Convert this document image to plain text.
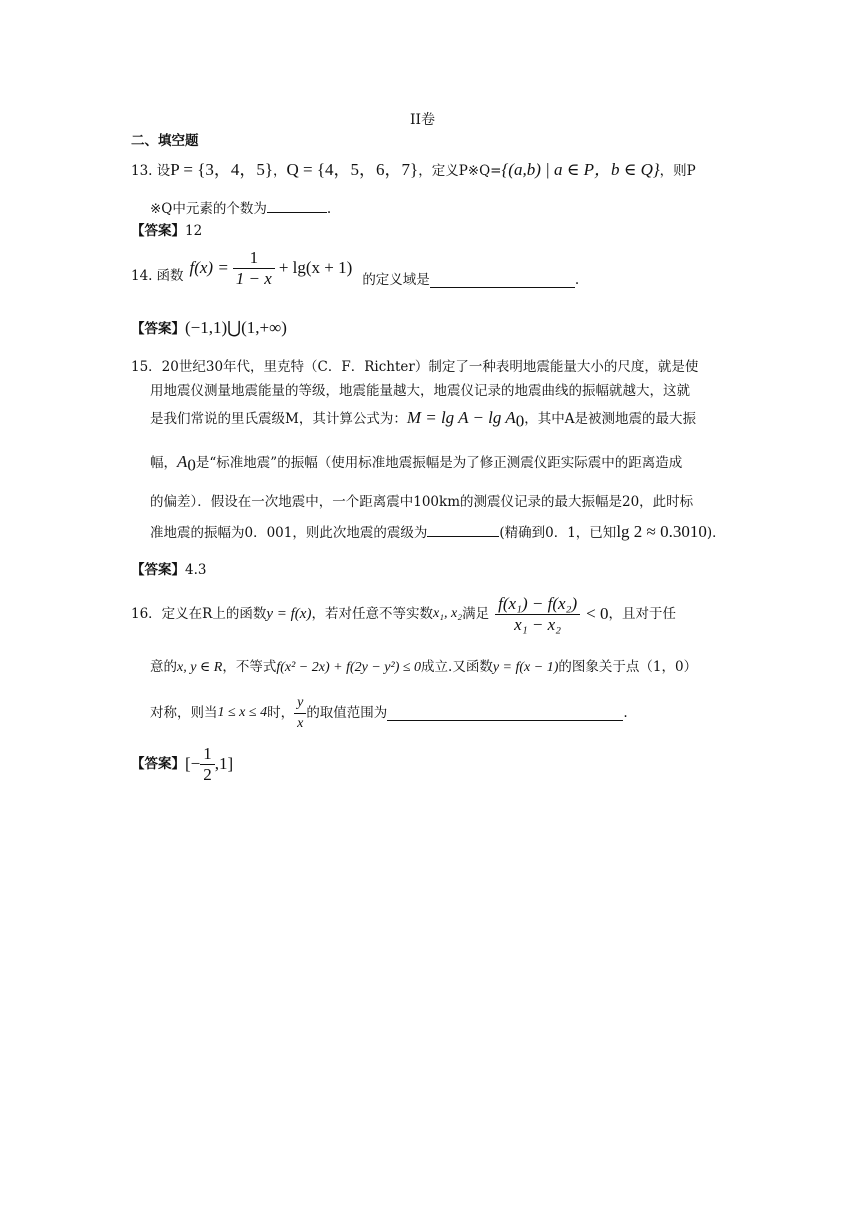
II卷
二、填空题
13. 设P = {3，4，5}，Q = {4，5，6，7}，定义P※Q={(a,b) | a ∈ P，b ∈ Q}，则P
※Q中元素的个数为	.
【答案】12
14. 函数 $f(x) = \frac{1}{1 - x} + \lg(x + 1)$
的定义域是	.
【答案】(−1,1)⋃(1,+∞)
15．20世纪30年代，里克特（C．F．Richter）制定了一种表明地震能量大小的尺度，就是使
用地震仪测量地震能量的等级，地震能量越大，地震仪记录的地震曲线的振幅就越大，这就
是我们常说的里氏震级M，其计算公式为：$M = \lg A - \lg A_0$，其中A是被测地震的最大振
幅，$A_0$是“标准地震”的振幅（使用标准地震振幅是为了修正测震仪距实际震中的距离造成
的偏差）．假设在一次地震中，一个距离震中100km的测震仪记录的最大振幅是20，此时标
准地震的振幅为0．001，则此次地震的震级为	(精确到0．1，已知lg 2 ≈ 0.3010)．
【答案】4.3
16．定义在R上的函数 y = f(x) ，若对任意不等实数 x₁, x₂ 满足 $\frac{\text{f(x₁) − f(x₂)}}{\text{x₁ − x₂}} < 0$ ，且对于任
意的x, y ∈ R，不等式f(x² − 2x) + f(2y − y²) ≤ 0成立.又函数y = f(x − 1)的图象关于点（1，0）
对称，则当 1 ≤ x ≤ 4 时， $\frac{y}{x}$ 的取值范围为	.
【答案】 [− $\frac{1}{2} ,1$]
